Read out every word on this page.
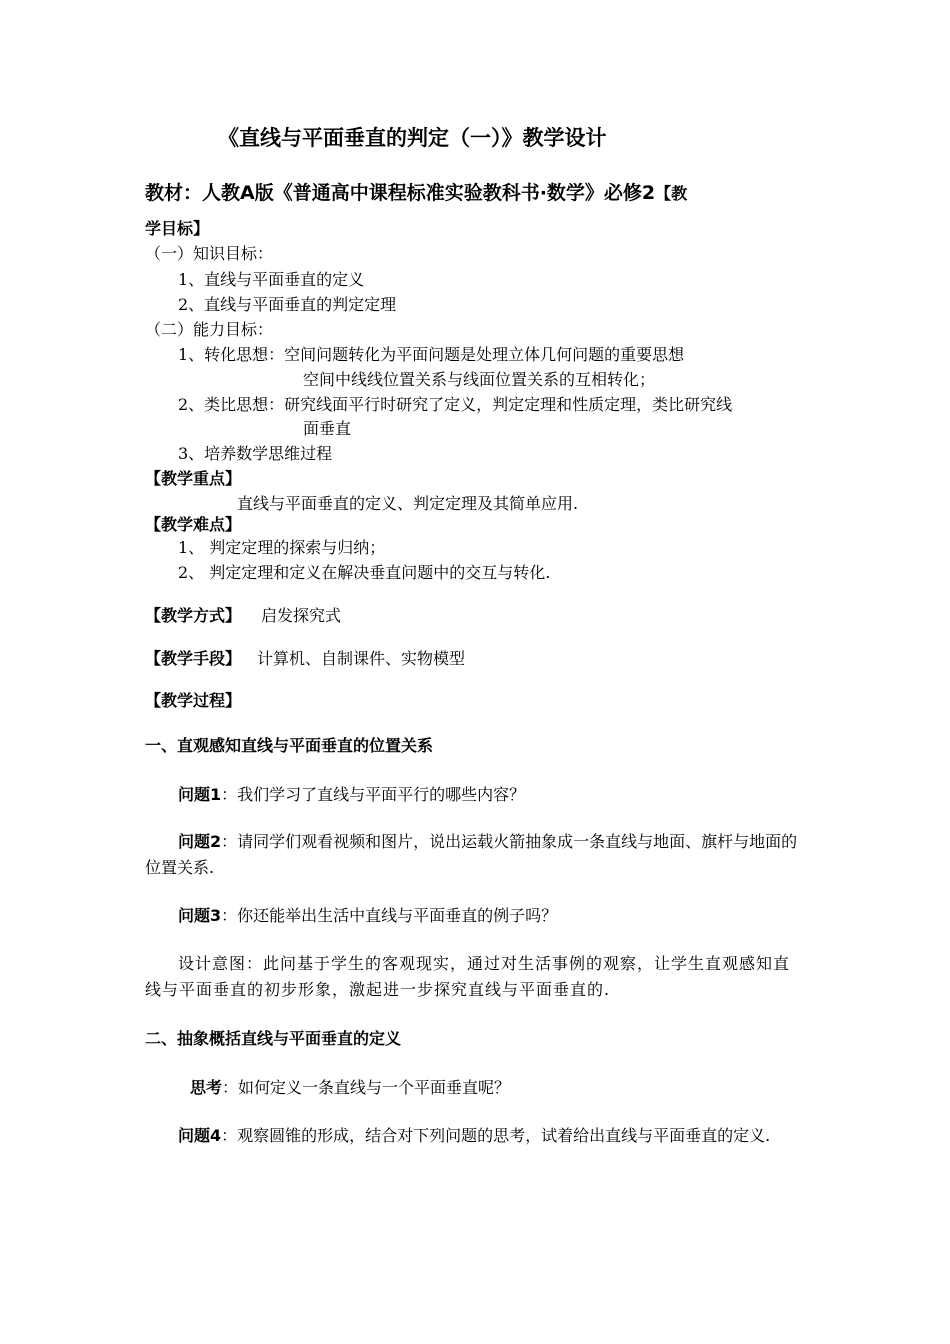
《直线与平面垂直的判定（一）》教学设计
教材：人教A版《普通高中课程标准实验教科书·数学》必修2【教
学目标】
（一）知识目标：
1、直线与平面垂直的定义
2、直线与平面垂直的判定定理
（二）能力目标：
1、转化思想：空间问题转化为平面问题是处理立体几何问题的重要思想
空间中线线位置关系与线面位置关系的互相转化；
2、类比思想：研究线面平行时研究了定义，判定定理和性质定理，类比研究线
面垂直
3、培养数学思维过程
【教学重点】
直线与平面垂直的定义、判定定理及其简单应用.
【教学难点】
1、 判定定理的探索与归纳；
2、 判定定理和定义在解决垂直问题中的交互与转化.
【教学方式】 启发探究式
【教学手段】 计算机、自制课件、实物模型
【教学过程】
一、直观感知直线与平面垂直的位置关系
问题1：我们学习了直线与平面平行的哪些内容？
问题2：请同学们观看视频和图片，说出运载火箭抽象成一条直线与地面、旗杆与地面的位置关系.
问题3：你还能举出生活中直线与平面垂直的例子吗？
设计意图：此问基于学生的客观现实，通过对生活事例的观察，让学生直观感知直线与平面垂直的初步形象，激起进一步探究直线与平面垂直的.
二、抽象概括直线与平面垂直的定义
思考：如何定义一条直线与一个平面垂直呢？
问题4：观察圆锥的形成，结合对下列问题的思考，试着给出直线与平面垂直的定义.
